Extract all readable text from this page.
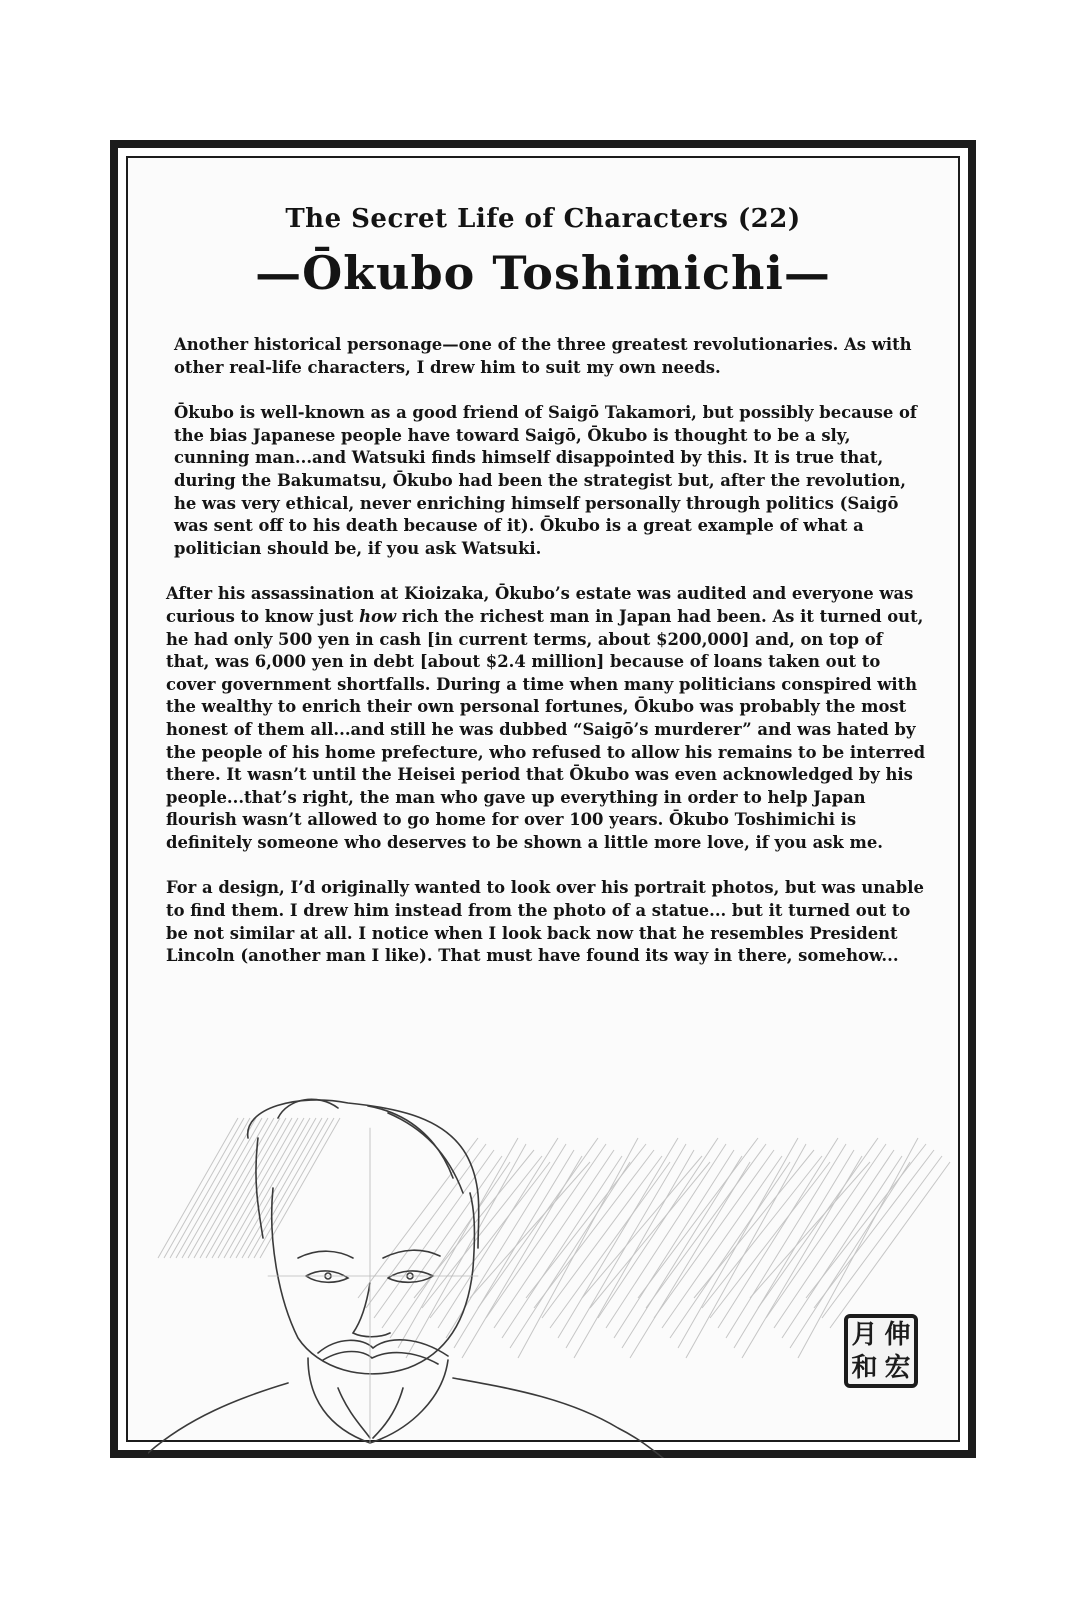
The Secret Life of Characters (22)
—Ōkubo Toshimichi—

Another historical personage—one of the three greatest revolutionaries. As with other real-life characters, I drew him to suit my own needs.

Ōkubo is well-known as a good friend of Saigō Takamori, but possibly because of the bias Japanese people have toward Saigō, Ōkubo is thought to be a sly, cunning man...and Watsuki finds himself disappointed by this. It is true that, during the Bakumatsu, Ōkubo had been the strategist but, after the revolution, he was very ethical, never enriching himself personally through politics (Saigō was sent off to his death because of it). Ōkubo is a great example of what a politician should be, if you ask Watsuki.

After his assassination at Kioizaka, Ōkubo’s estate was audited and everyone was curious to know just how rich the richest man in Japan had been. As it turned out, he had only 500 yen in cash [in current terms, about $200,000] and, on top of that, was 6,000 yen in debt [about $2.4 million] because of loans taken out to cover government shortfalls. During a time when many politicians conspired with the wealthy to enrich their own personal fortunes, Ōkubo was probably the most honest of them all...and still he was dubbed “Saigō’s murderer” and was hated by the people of his home prefecture, who refused to allow his remains to be interred there. It wasn’t until the Heisei period that Ōkubo was even acknowledged by his people...that’s right, the man who gave up everything in order to help Japan flourish wasn’t allowed to go home for over 100 years. Ōkubo Toshimichi is definitely someone who deserves to be shown a little more love, if you ask me.

For a design, I’d originally wanted to look over his portrait photos, but was unable to find them. I drew him instead from the photo of a statue... but it turned out to be not similar at all. I notice when I look back now that he resembles President Lincoln (another man I like). That must have found its way in there, somehow...

月 伸
和 宏
